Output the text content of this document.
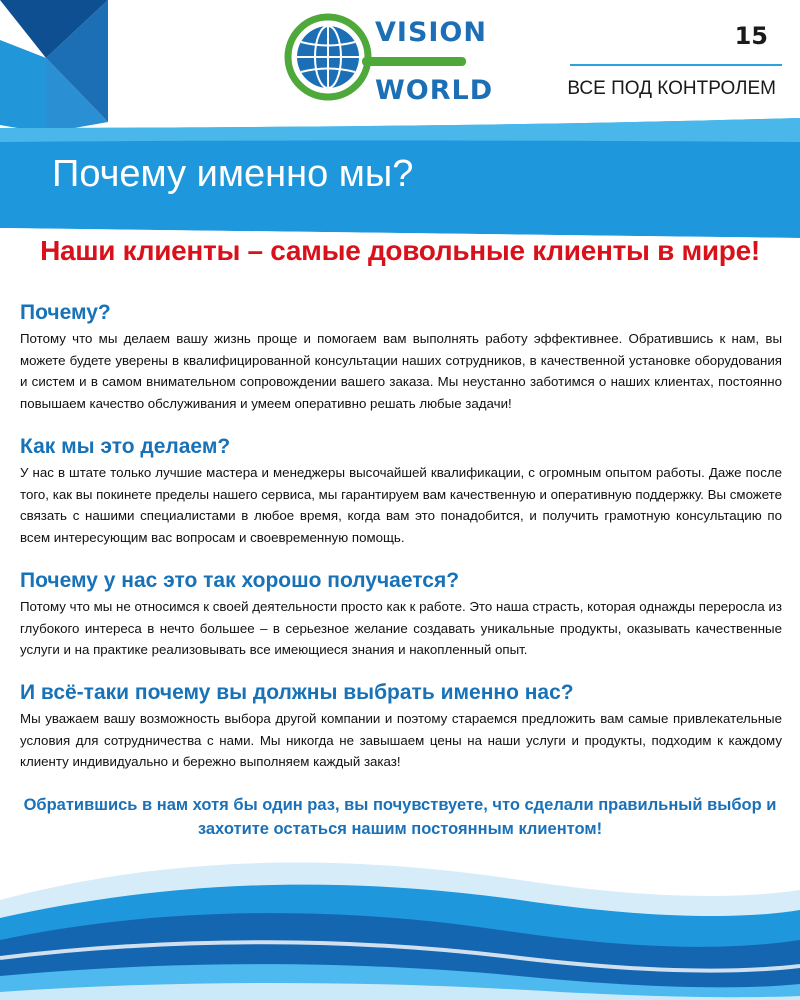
VISION
WORLD
15
ВСЕ ПОД КОНТРОЛЕМ
Почему именно мы?
Наши клиенты – самые довольные клиенты в мире!
Почему?

Потому что мы делаем вашу жизнь проще и помогаем вам выполнять работу эффективнее. Обратившись к нам, вы можете будете уверены в квалифицированной консультации наших сотрудников, в качественной установке оборудования и систем и в самом внимательном сопровождении вашего заказа. Мы неустанно заботимся о наших клиентах, постоянно повышаем качество обслуживания и умеем оперативно решать любые задачи!

Как мы это делаем?

У нас в штате только лучшие мастера и менеджеры высочайшей квалификации, с огромным опытом работы. Даже после того, как вы покинете пределы нашего сервиса, мы гарантируем вам качественную и оперативную поддержку. Вы сможете связать с нашими специалистами в любое время, когда вам это понадобится, и получить грамотную консультацию по всем интересующим вас вопросам и своевременную помощь.

Почему у нас это так хорошо получается?

Потому что мы не относимся к своей деятельности просто как к работе. Это наша страсть, которая однажды переросла из глубокого интереса в нечто большее – в серьезное желание создавать уникальные продукты, оказывать качественные услуги и на практике реализовывать все имеющиеся знания и накопленный опыт.

И всё-таки почему вы должны выбрать именно нас?

Мы уважаем вашу возможность выбора другой компании и поэтому стараемся предложить вам самые привлекательные условия для сотрудничества с нами. Мы никогда не завышаем цены на наши услуги и продукты, подходим к каждому клиенту индивидуально и бережно выполняем каждый заказ!

Обратившись в нам хотя бы один раз, вы почувствуете, что сделали правильный выбор и захотите остаться нашим постоянным клиентом!
